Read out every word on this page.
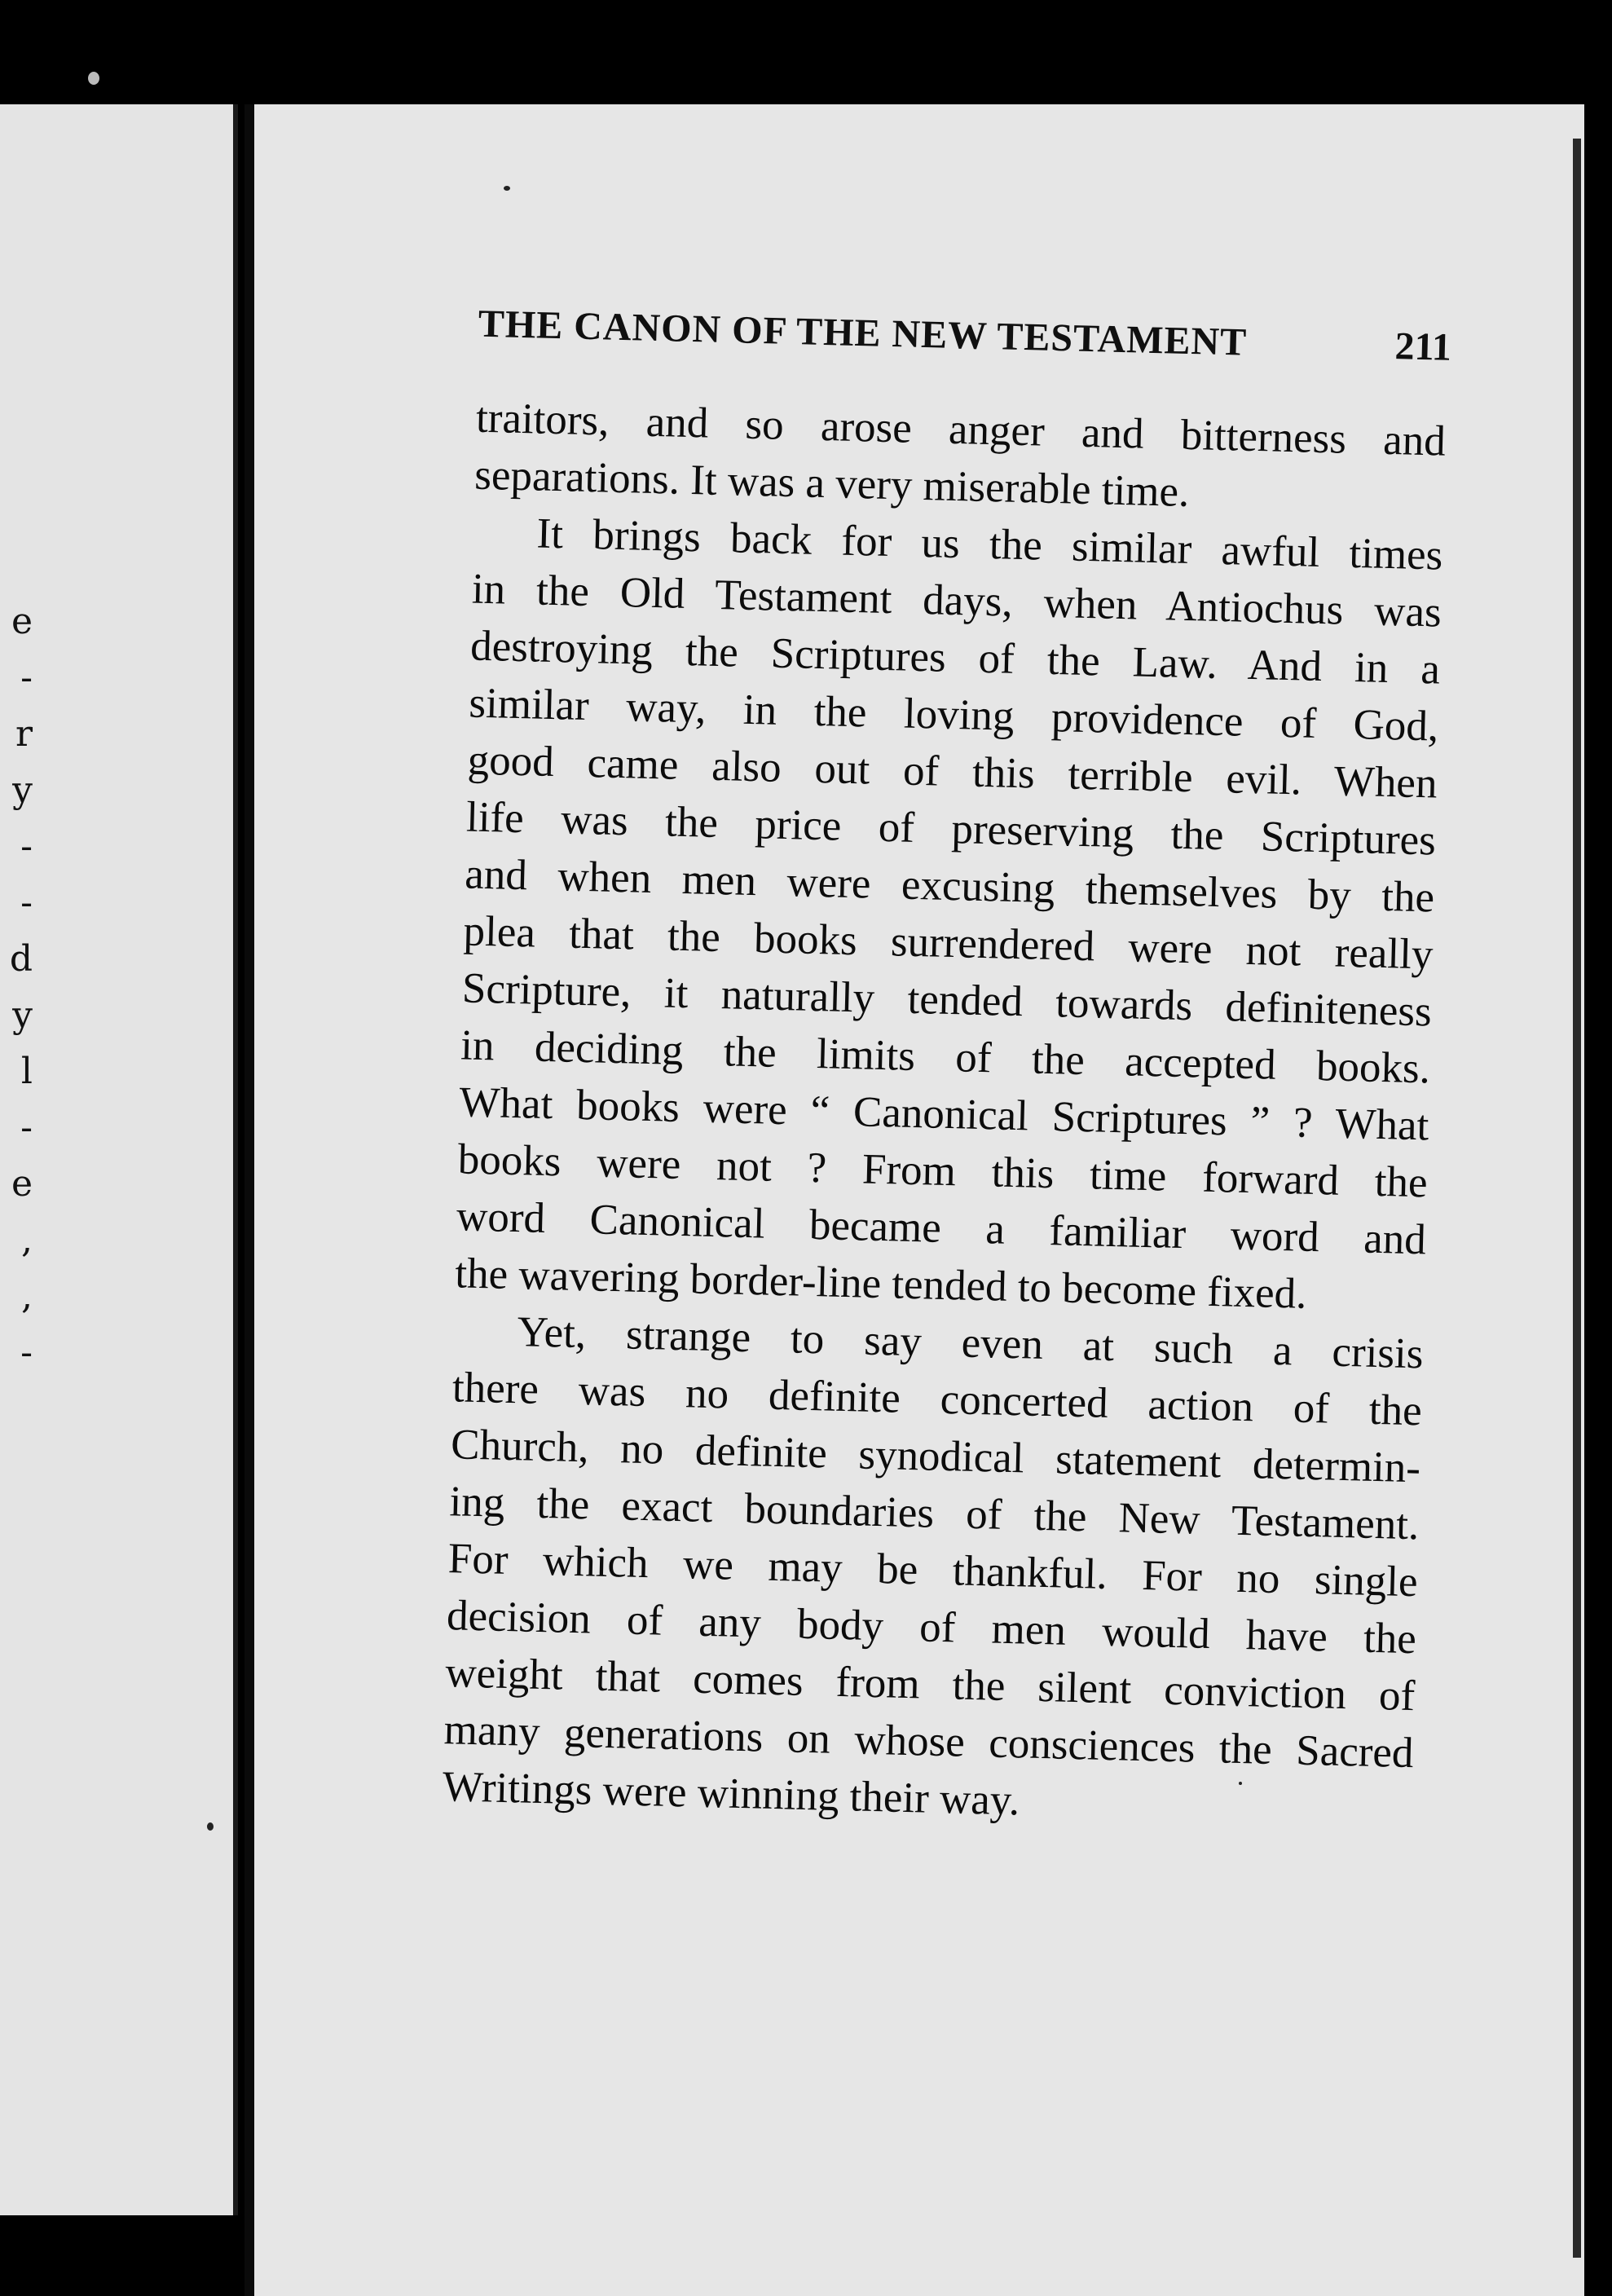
e
-
r
y
-
-
d
y
l
-
e
,
,
-
THE CANON OF THE NEW TESTAMENT	211
traitors, and so arose anger and bitterness and
separations. It was a very miserable time.
It brings back for us the similar awful times
in the Old Testament days, when Antiochus was
destroying the Scriptures of the Law. And in a
similar way, in the loving providence of God,
good came also out of this terrible evil. When
life was the price of preserving the Scriptures
and when men were excusing themselves by the
plea that the books surrendered were not really
Scripture, it naturally tended towards definiteness
in deciding the limits of the accepted books.
What books were “ Canonical Scriptures ” ? What
books were not ? From this time forward the
word Canonical became a familiar word and
the wavering border-line tended to become fixed.
Yet, strange to say even at such a crisis
there was no definite concerted action of the
Church, no definite synodical statement determin-
ing the exact boundaries of the New Testament.
For which we may be thankful. For no single
decision of any body of men would have the
weight that comes from the silent conviction of
many generations on whose consciences the Sacred
Writings were winning their way.
